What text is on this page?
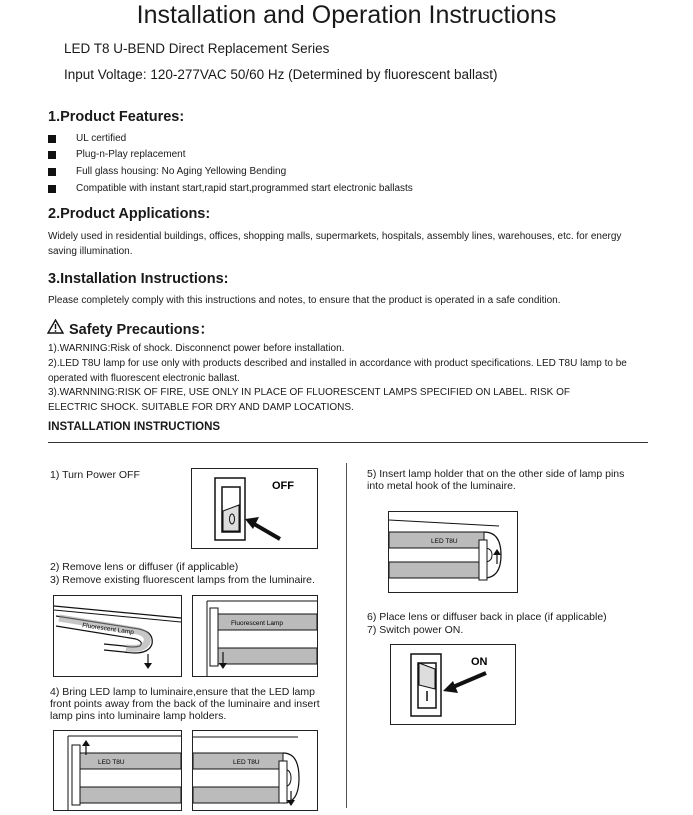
Installation and Operation Instructions
LED T8 U-BEND Direct Replacement Series
Input Voltage: 120-277VAC 50/60 Hz (Determined by fluorescent ballast)
1.Product Features:
UL certified
Plug-n-Play replacement
Full glass housing: No Aging Yellowing Bending
Compatible with instant start,rapid start,programmed start electronic ballasts
2.Product Applications:
Widely used in residential buildings, offices, shopping malls, supermarkets, hospitals, assembly lines, warehouses, etc. for energy saving illumination.
3.Installation Instructions:
Please completely comply with this instructions and notes, to ensure that the product is operated in a safe condition.
Safety Precautions：
1).WARNING:Risk of shock. Disconnenct power before installation.
2).LED T8U lamp for use only with products described and installed in accordance with product specifications. LED T8U lamp to be operated with fluorescent electronic ballast.
3).WARNNING:RISK OF FIRE, USE ONLY IN PLACE OF FLUORESCENT LAMPS SPECIFIED ON LABEL. RISK OF ELECTRIC SHOCK. SUITABLE FOR DRY AND DAMP LOCATIONS.
INSTALLATION INSTRUCTIONS
1) Turn Power OFF
OFF
2) Remove lens or diffuser (if applicable)
3) Remove existing fluorescent lamps from the luminaire.
Fluorescent Lamp	Fluorescent Lamp
4) Bring LED lamp to luminaire,ensure that the LED lamp front points away from the back of the luminaire and insert lamp pins into luminaire lamp holders.
LED T8U	LED T8U
5) Insert lamp holder that on the other side of lamp pins into metal hook of the luminaire.
LED T8U
6) Place lens or diffuser back in place (if applicable)
7) Switch power ON.
ON
